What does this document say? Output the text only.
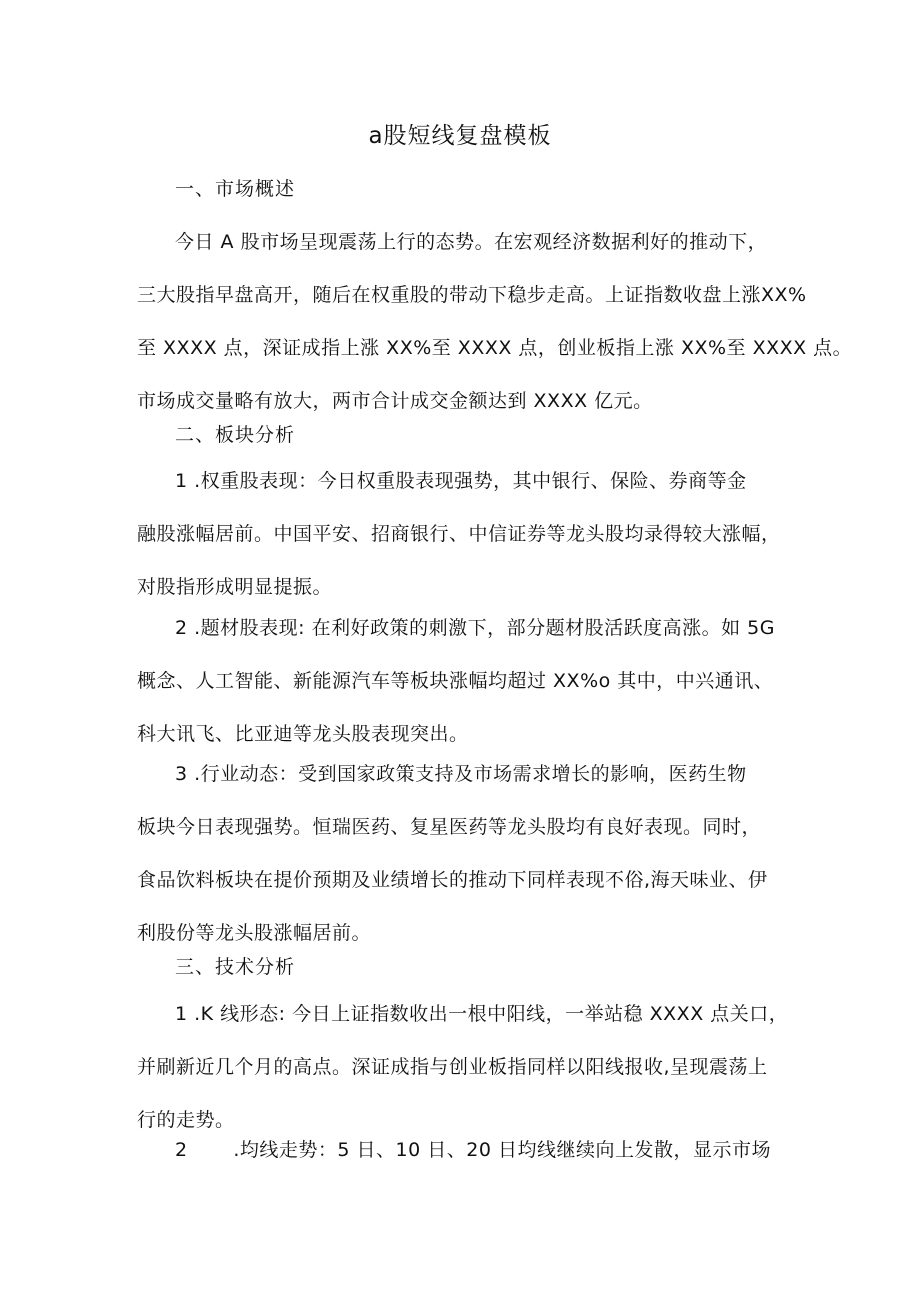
a股短线复盘模板
一、市场概述
今日 A 股市场呈现震荡上行的态势。在宏观经济数据利好的推动下，
三大股指早盘高开，随后在权重股的带动下稳步走高。上证指数收盘上涨XX%
至 XXXX 点，深证成指上涨 XX%至 XXXX 点，创业板指上涨 XX%至 XXXX 点。
市场成交量略有放大，两市合计成交金额达到 XXXX 亿元。
二、板块分析
1 .权重股表现：今日权重股表现强势，其中银行、保险、券商等金
融股涨幅居前。中国平安、招商银行、中信证券等龙头股均录得较大涨幅，
对股指形成明显提振。
2 .题材股表现: 在利好政策的刺激下，部分题材股活跃度高涨。如 5G
概念、人工智能、新能源汽车等板块涨幅均超过 XX%o 其中，中兴通讯、
科大讯飞、比亚迪等龙头股表现突出。
3 .行业动态：受到国家政策支持及市场需求增长的影响，医药生物
板块今日表现强势。恒瑞医药、复星医药等龙头股均有良好表现。同时，
食品饮料板块在提价预期及业绩增长的推动下同样表现不俗,海天味业、伊
利股份等龙头股涨幅居前。
三、技术分析
1 .K 线形态: 今日上证指数收出一根中阳线，一举站稳 XXXX 点关口，
并刷新近几个月的高点。深证成指与创业板指同样以阳线报收,呈现震荡上
行的走势。
2       .均线走势：5 日、10 日、20 日均线继续向上发散，显示市场
